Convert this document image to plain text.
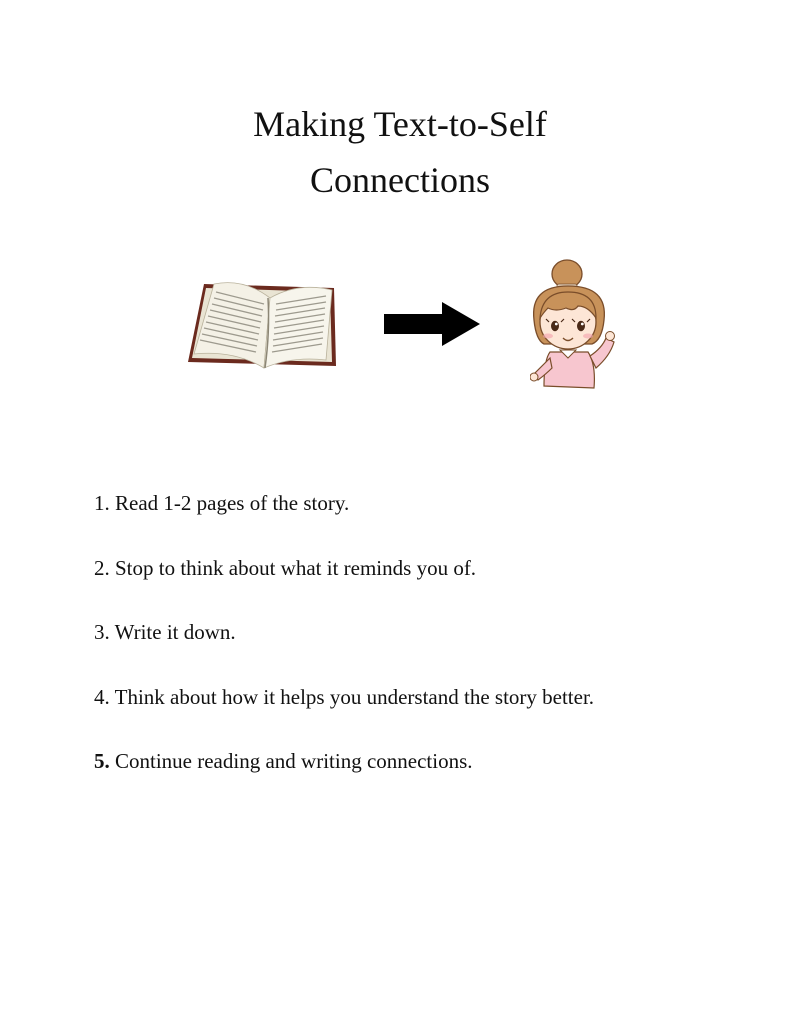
Making Text-to-Self
Connections
1. Read 1-2 pages of the story.
2. Stop to think about what it reminds you of.
3. Write it down.
4. Think about how it helps you understand the story better.
5. Continue reading and writing connections.
